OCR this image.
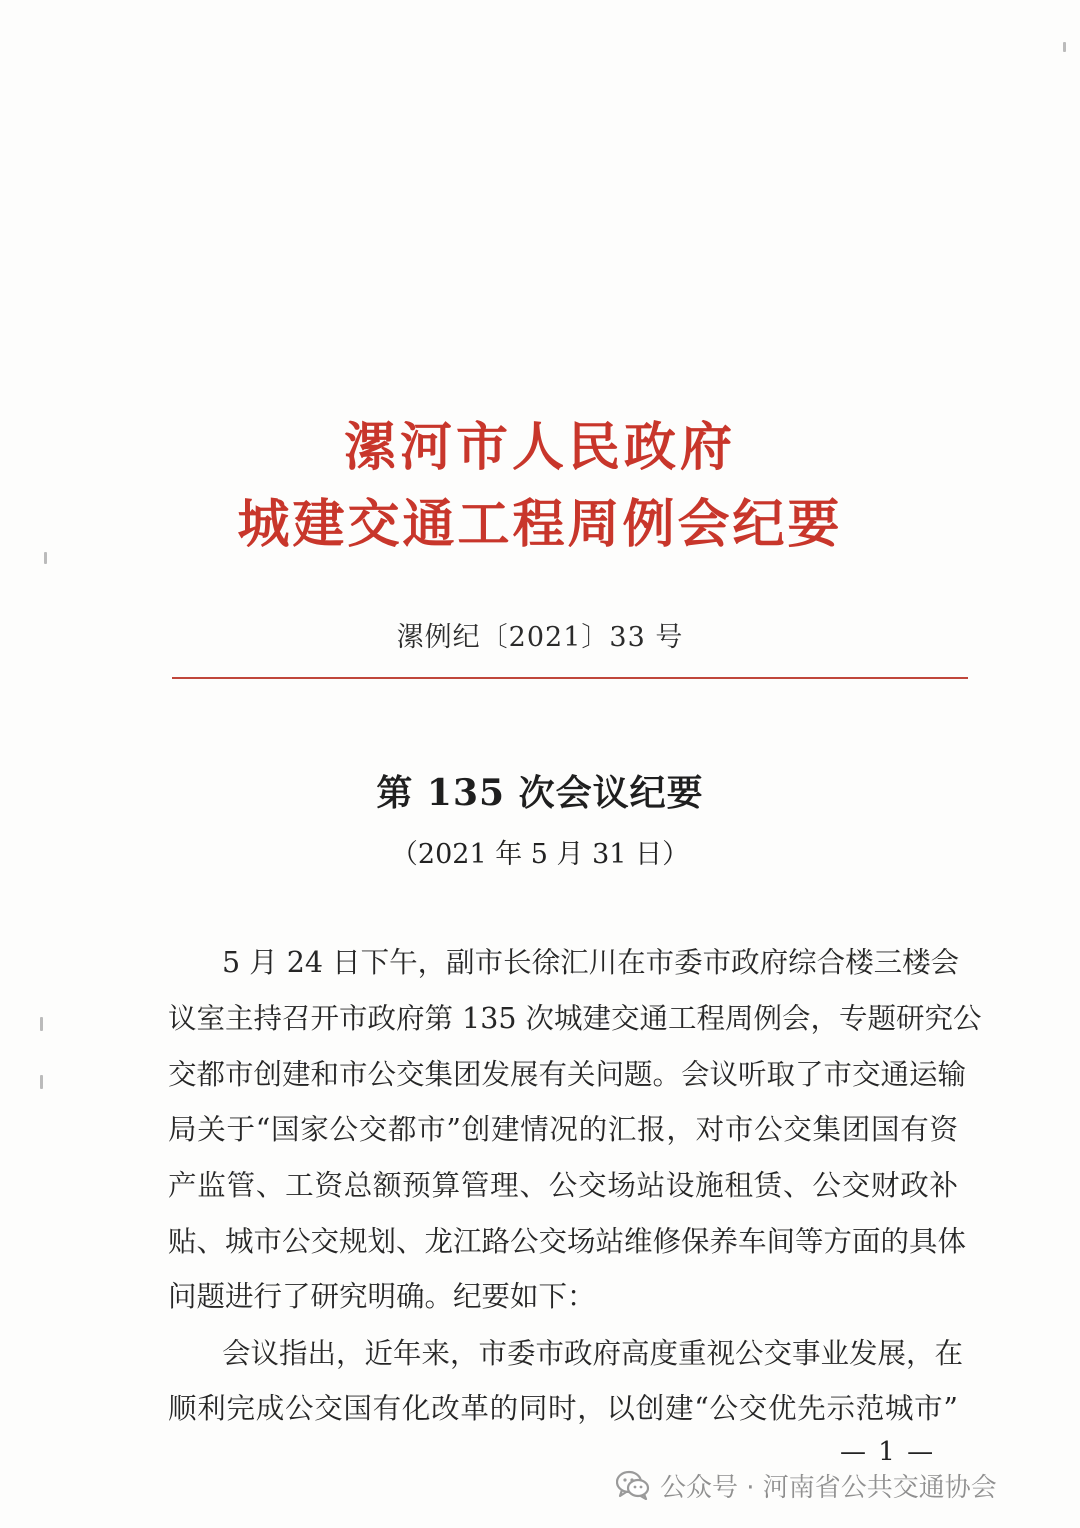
漯河市人民政府
城建交通工程周例会纪要
漯例纪〔2021〕33 号
第 135 次会议纪要
（2021 年 5 月 31 日）
5 月 24 日下午，副市长徐汇川在市委市政府综合楼三楼会
议室主持召开市政府第 135 次城建交通工程周例会，专题研究公
交都市创建和市公交集团发展有关问题。会议听取了市交通运输
局关于“国家公交都市”创建情况的汇报，对市公交集团国有资
产监管、工资总额预算管理、公交场站设施租赁、公交财政补
贴、城市公交规划、龙江路公交场站维修保养车间等方面的具体
问题进行了研究明确。纪要如下：
会议指出，近年来，市委市政府高度重视公交事业发展，在
顺利完成公交国有化改革的同时，以创建“公交优先示范城市”
— 1 —
公众号 · 河南省公共交通协会
